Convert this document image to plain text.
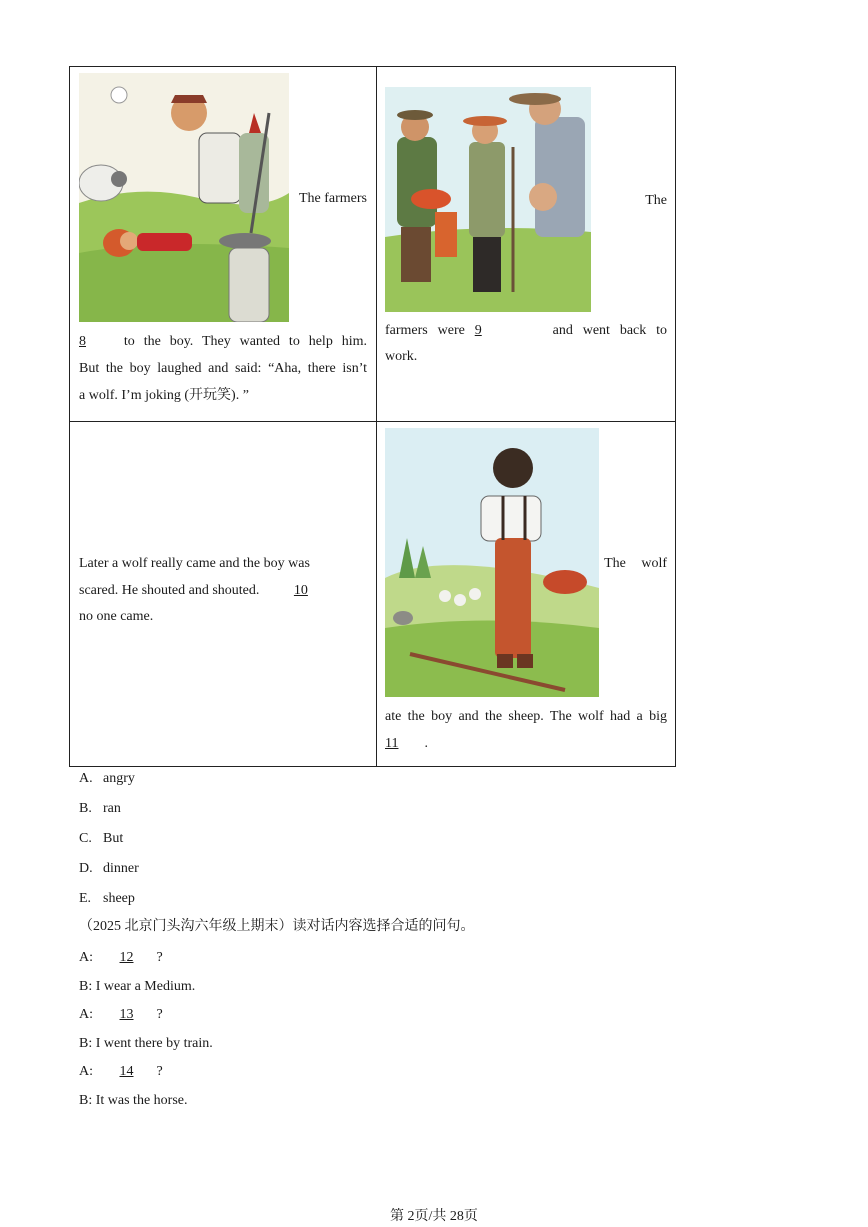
The farmers
8	to the boy. They wanted to help him.
But the boy laughed and said: “Aha, there isn’t
a wolf. I’m joking (开玩笑). ”
The
farmers were 9	and went back to
work.
Later a wolf really came and the boy was
scared. He shouted and shouted. 10
no one came.
The wolf
ate the boy and the sheep. The wolf had a big
11 .
A. angry
B. ran
C. But
D. dinner
E. sheep
（2025 北京门头沟六年级上期末）读对话内容选择合适的问句。
A: 12 ?
B: I wear a Medium.
A: 13 ?
B: I went there by train.
A: 14 ?
B: It was the horse.
第 2页/共 28页
